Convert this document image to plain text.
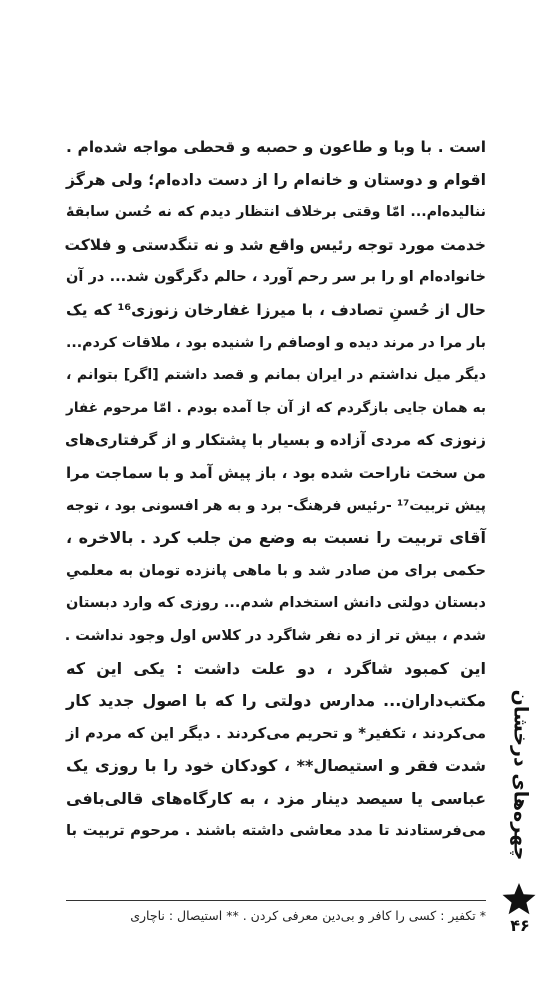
است . با وبا و طاعون و حصبه و قحطی مواجه شده‌ام .
اقوام و دوستان و خانه‌ام را از دست داده‌ام؛ ولی هرگز
ننالیده‌ام... امّا وقتی برخلاف انتظار دیدم که نه حُسن سابقهٔ
خدمت مورد توجه رئیس واقع شد و نه تنگدستی و فلاکت
خانواده‌ام او را بر سر رحم آورد ، حالم دگرگون شد... در آن
حال از حُسنِ تصادف ، با میرزا غفارخان زنوزی¹⁶ که یک
بار مرا در مرند دیده و اوصافم را شنیده بود ، ملاقات کردم...
دیگر میل نداشتم در ایران بمانم و قصد داشتم [اگر] بتوانم ،
به همان جایی بازگردم که از آن جا آمده بودم . امّا مرحوم غفار
زنوزی که مردی آزاده و بسیار با پشتکار و از گرفتاری‌های
من سخت ناراحت شده بود ، باز پیش آمد و با سماجت مرا
پیش تربیت¹⁷ -رئیس فرهنگ- برد و به هر افسونی بود ، توجه
آقای تربیت را نسبت به وضع من جلب کرد . بالاخره ،
حکمی برای من صادر شد و با ماهی پانزده تومان به معلمیِ
دبستان دولتی دانش استخدام شدم... روزی که وارد دبستان
شدم ، بیش تر از ده نفر شاگرد در کلاس اول وجود نداشت .
این کمبود شاگرد ، دو علت داشت : یکی این که
مکتب‌داران... مدارس دولتی را که با اصول جدید کار
می‌کردند ، تکفیر* و تحریم می‌کردند . دیگر این که مردم از
شدت فقر و استیصال** ، کودکان خود را با روزی یک
عباسی یا سیصد دینار مزد ، به کارگاه‌های قالی‌بافی
می‌فرستادند تا مدد معاشی داشته باشند . مرحوم تربیت با
* تکفیر : کسی را کافر و بی‌دین معرفی کردن . ** استیصال : ناچاری
چهره‌های درخشان
۴۶
